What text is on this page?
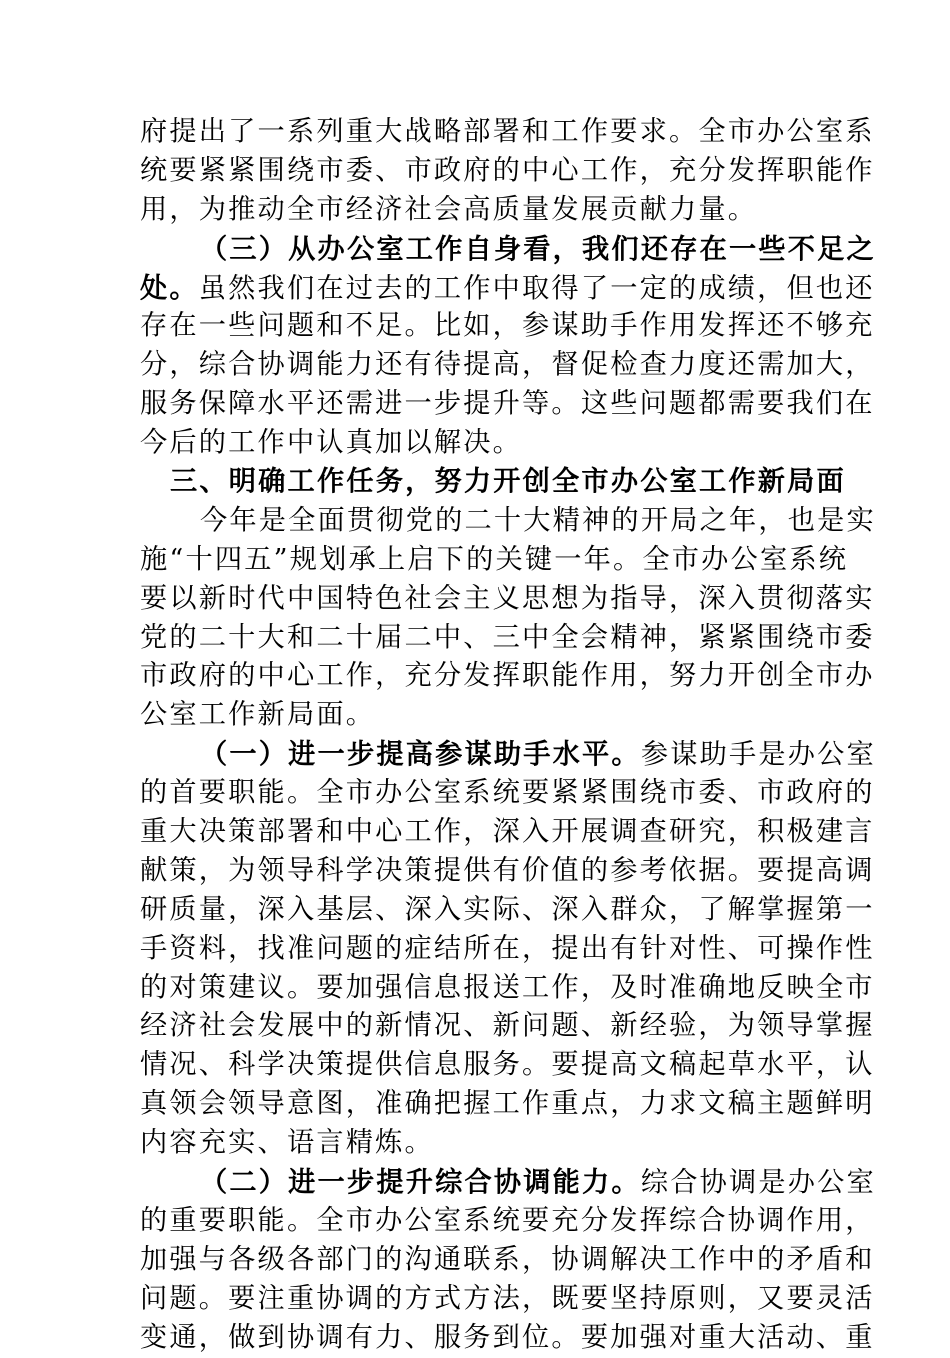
府提出了一系列重大战略部署和工作要求。全市办公室系
统要紧紧围绕市委、市政府的中心工作，充分发挥职能作
用，为推动全市经济社会高质量发展贡献力量。
（三）从办公室工作自身看，我们还存在一些不足之
处。虽然我们在过去的工作中取得了一定的成绩，但也还
存在一些问题和不足。比如，参谋助手作用发挥还不够充
分，综合协调能力还有待提高，督促检查力度还需加大，
服务保障水平还需进一步提升等。这些问题都需要我们在
今后的工作中认真加以解决。
三、明确工作任务，努力开创全市办公室工作新局面
今年是全面贯彻党的二十大精神的开局之年，也是实
施“十四五”规划承上启下的关键一年。全市办公室系统
要以新时代中国特色社会主义思想为指导，深入贯彻落实
党的二十大和二十届二中、三中全会精神，紧紧围绕市委
市政府的中心工作，充分发挥职能作用，努力开创全市办
公室工作新局面。
（一）进一步提高参谋助手水平。参谋助手是办公室
的首要职能。全市办公室系统要紧紧围绕市委、市政府的
重大决策部署和中心工作，深入开展调查研究，积极建言
献策，为领导科学决策提供有价值的参考依据。要提高调
研质量，深入基层、深入实际、深入群众，了解掌握第一
手资料，找准问题的症结所在，提出有针对性、可操作性
的对策建议。要加强信息报送工作，及时准确地反映全市
经济社会发展中的新情况、新问题、新经验，为领导掌握
情况、科学决策提供信息服务。要提高文稿起草水平，认
真领会领导意图，准确把握工作重点，力求文稿主题鲜明
内容充实、语言精炼。
（二）进一步提升综合协调能力。综合协调是办公室
的重要职能。全市办公室系统要充分发挥综合协调作用，
加强与各级各部门的沟通联系，协调解决工作中的矛盾和
问题。要注重协调的方式方法，既要坚持原则，又要灵活
变通，做到协调有力、服务到位。要加强对重大活动、重
